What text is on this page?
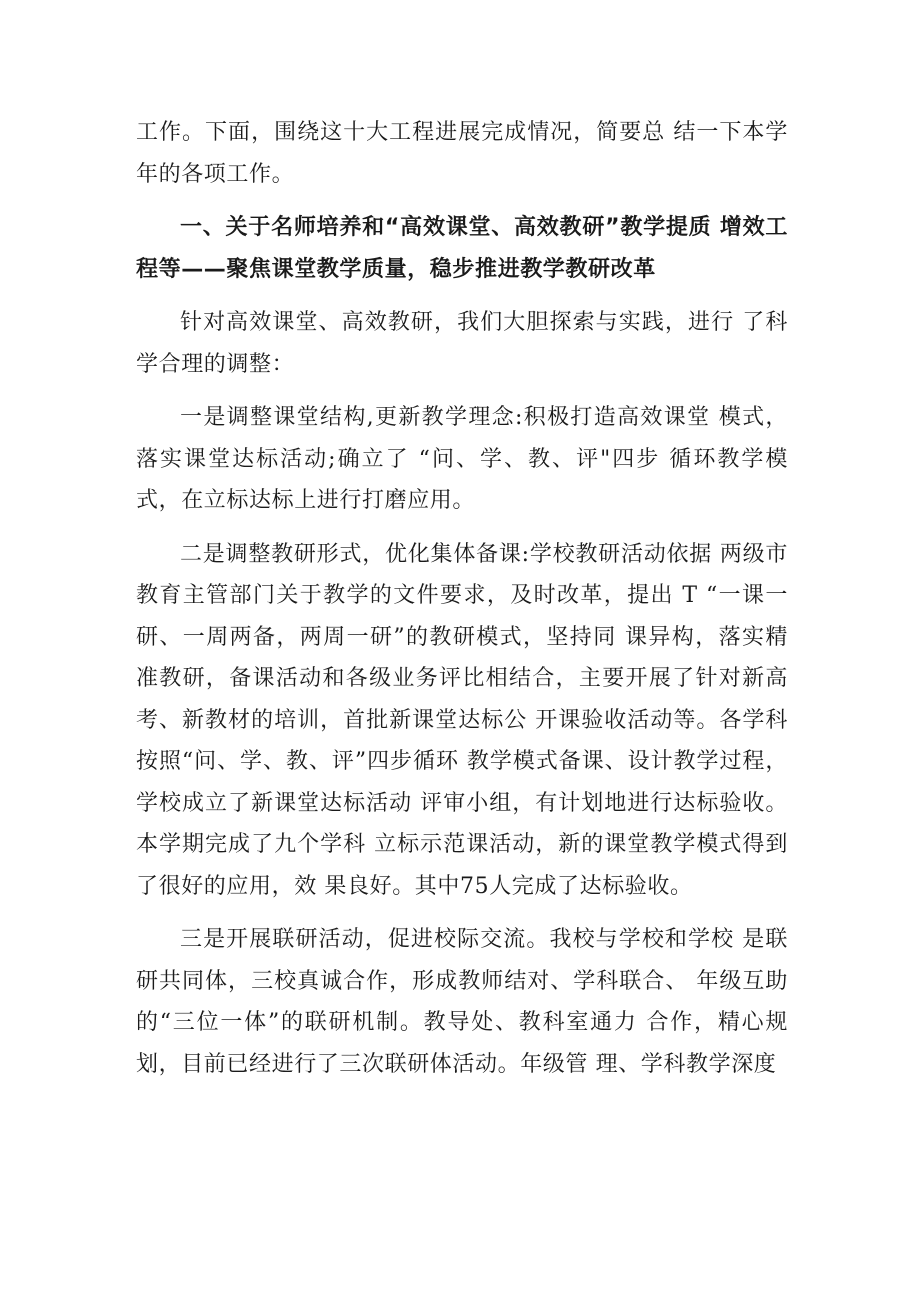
工作。下面，围绕这十大工程进展完成情况，简要总 结一下本学年的各项工作。

一、关于名师培养和“高效课堂、高效教研”教学提质 增效工程等——聚焦课堂教学质量，稳步推进教学教研改革

针对高效课堂、高效教研，我们大胆探索与实践，进行 了科学合理的调整：

一是调整课堂结构,更新教学理念:积极打造高效课堂 模式，落实课堂达标活动;确立了 “问、学、教、评"四步 循环教学模式，在立标达标上进行打磨应用。

二是调整教研形式，优化集体备课:学校教研活动依据 两级市教育主管部门关于教学的文件要求，及时改革，提出 T “一课一研、一周两备，两周一研”的教研模式，坚持同 课异构，落实精准教研，备课活动和各级业务评比相结合，主要开展了针对新高考、新教材的培训，首批新课堂达标公 开课验收活动等。各学科按照“问、学、教、评”四步循环 教学模式备课、设计教学过程，学校成立了新课堂达标活动 评审小组，有计划地进行达标验收。本学期完成了九个学科 立标示范课活动，新的课堂教学模式得到了很好的应用，效 果良好。其中75人完成了达标验收。

三是开展联研活动，促进校际交流。我校与学校和学校 是联研共同体，三校真诚合作，形成教师结对、学科联合、 年级互助的“三位一体”的联研机制。教导处、教科室通力 合作，精心规划，目前已经进行了三次联研体活动。年级管 理、学科教学深度
